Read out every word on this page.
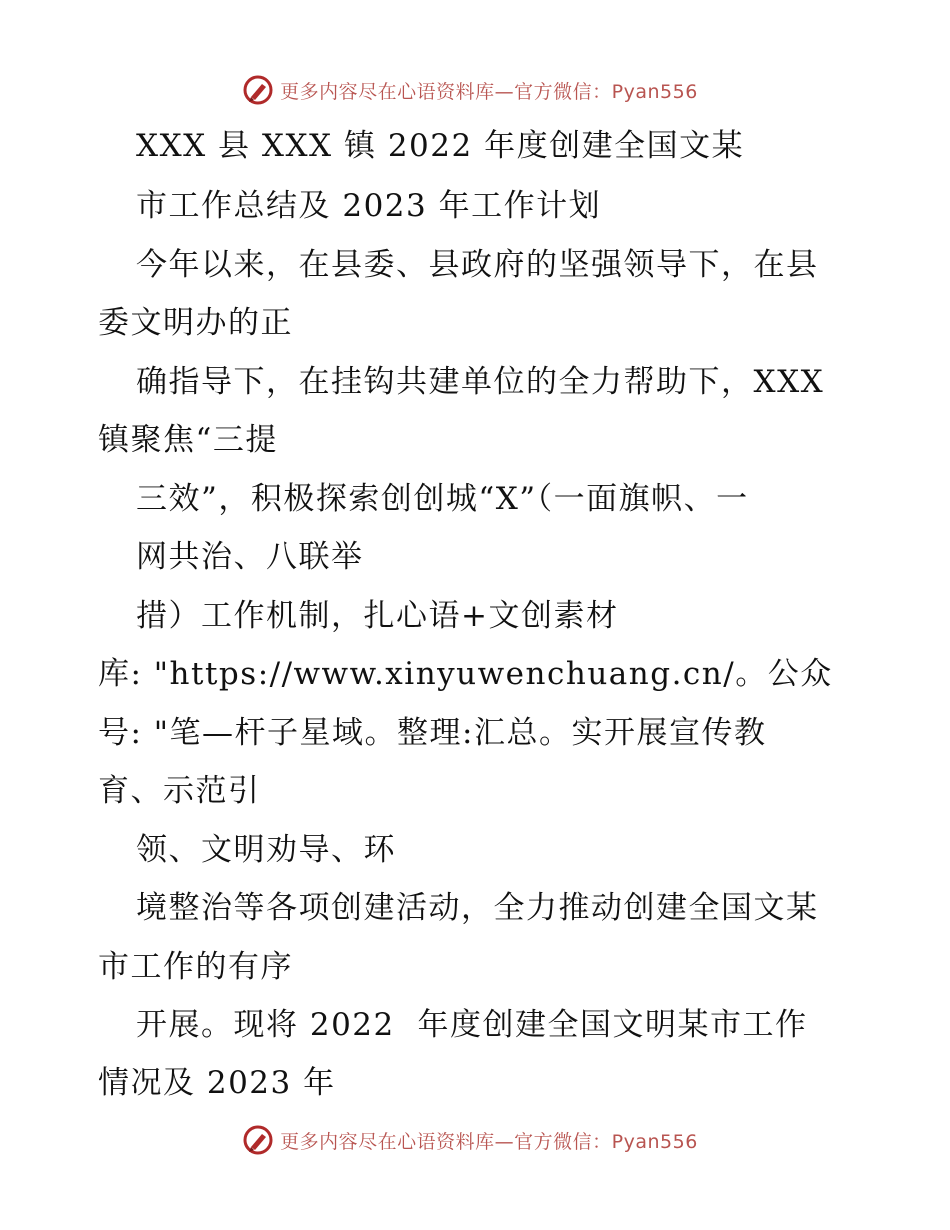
更多内容尽在心语资料库—官方微信：Pyan556
XXX 县 XXX 镇 2022 年度创建全国文某
市工作总结及 2023 年工作计划
今年以来，在县委、县政府的坚强领导下，在县
委文明办的正
确指导下，在挂钩共建单位的全力帮助下，XXX
镇聚焦“三提
三效”，积极探索创创城“X”（一面旗帜、一
网共治、八联举
措）工作机制，扎心语+文创素材
库: "https://www.xinyuwenchuang.cn/。公众
号: "笔—杆子星域。整理:汇总。实开展宣传教
育、示范引
领、文明劝导、环
境整治等各项创建活动，全力推动创建全国文某
市工作的有序
开展。现将 2022  年度创建全国文明某市工作
情况及 2023 年
更多内容尽在心语资料库—官方微信：Pyan556
